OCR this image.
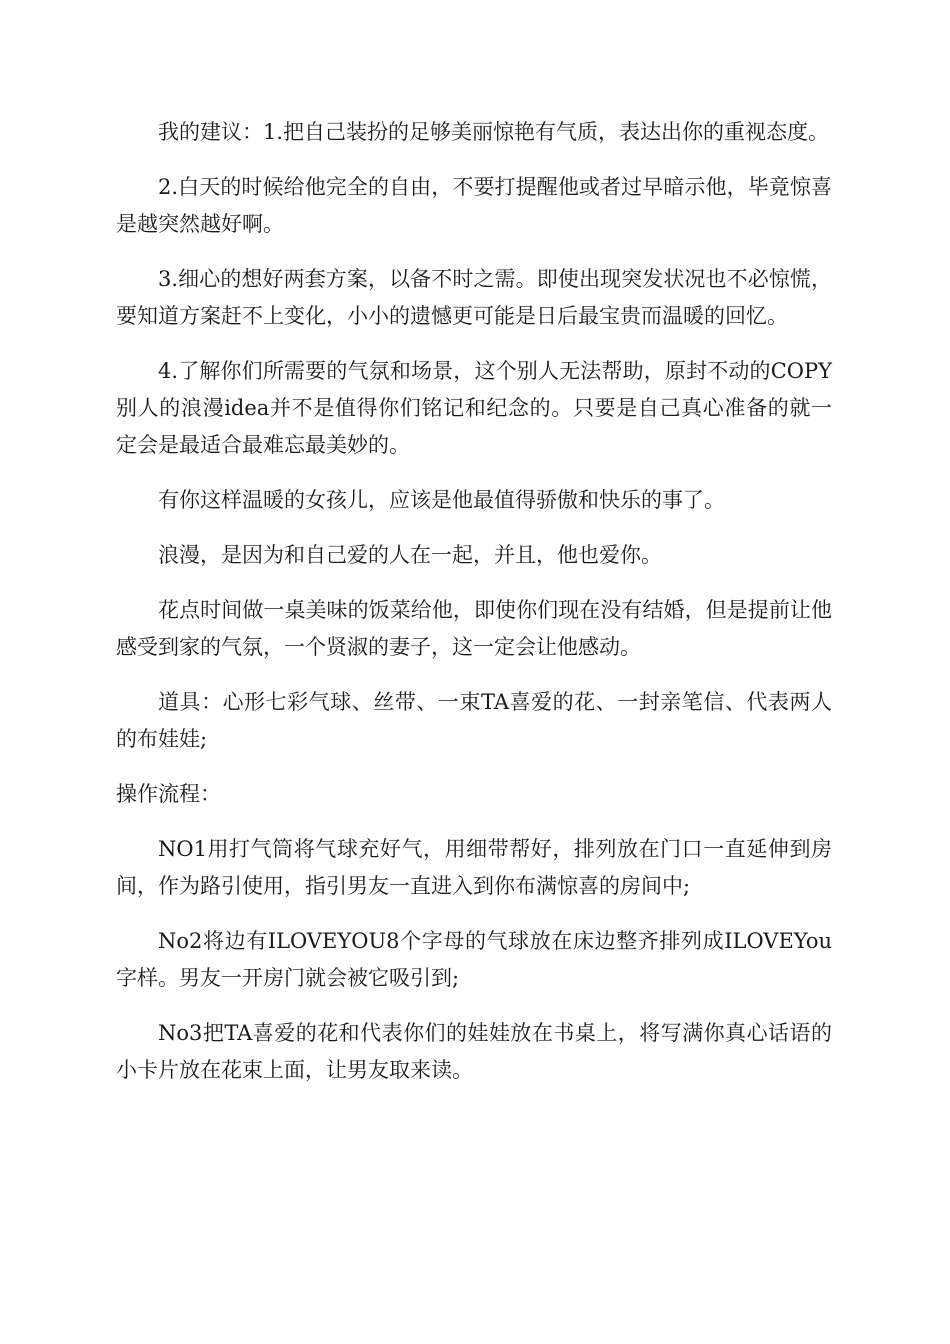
我的建议：1.把自己装扮的足够美丽惊艳有气质，表达出你的重视态度。

2.白天的时候给他完全的自由，不要打提醒他或者过早暗示他，毕竟惊喜是越突然越好啊。

3.细心的想好两套方案，以备不时之需。即使出现突发状况也不必惊慌，要知道方案赶不上变化，小小的遗憾更可能是日后最宝贵而温暖的回忆。

4.了解你们所需要的气氛和场景，这个别人无法帮助，原封不动的COPY别人的浪漫idea并不是值得你们铭记和纪念的。只要是自己真心准备的就一定会是最适合最难忘最美妙的。

有你这样温暖的女孩儿，应该是他最值得骄傲和快乐的事了。

浪漫，是因为和自己爱的人在一起，并且，他也爱你。

花点时间做一桌美味的饭菜给他，即使你们现在没有结婚，但是提前让他感受到家的气氛，一个贤淑的妻子，这一定会让他感动。

道具：心形七彩气球、丝带、一束TA喜爱的花、一封亲笔信、代表两人的布娃娃;

操作流程：

NO1用打气筒将气球充好气，用细带帮好，排列放在门口一直延伸到房间，作为路引使用，指引男友一直进入到你布满惊喜的房间中;

No2将边有ILOVEYOU8个字母的气球放在床边整齐排列成ILOVEYou字样。男友一开房门就会被它吸引到;

No3把TA喜爱的花和代表你们的娃娃放在书桌上，将写满你真心话语的小卡片放在花束上面，让男友取来读。
